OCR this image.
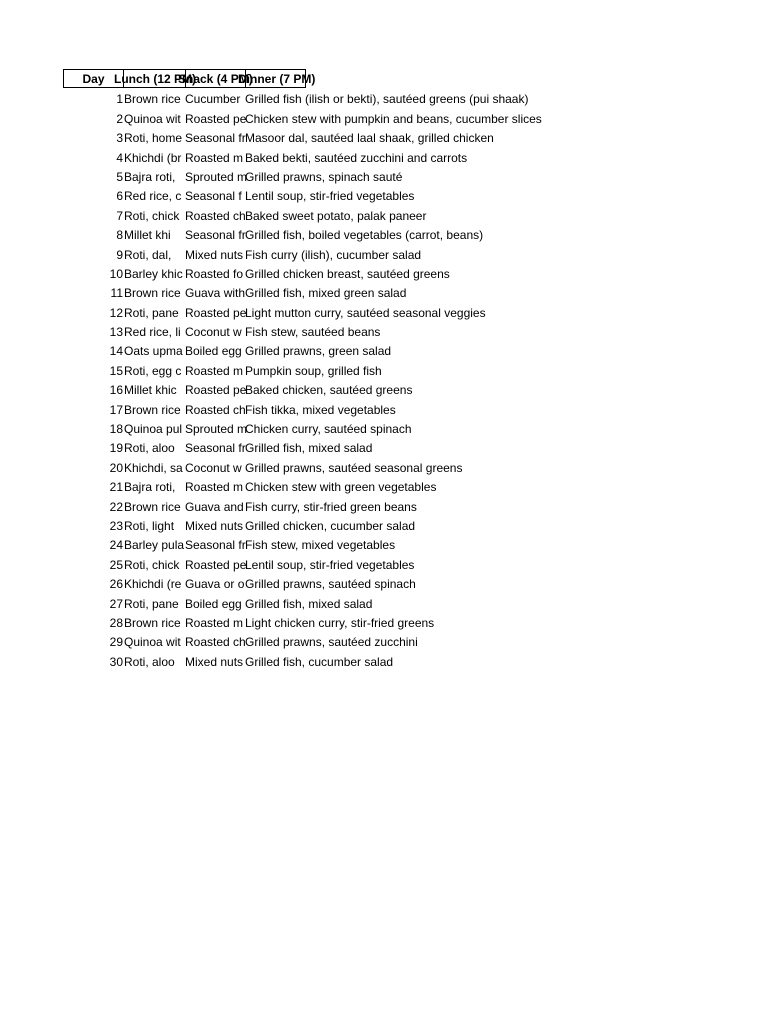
Day Lunch (12 PM)
Snack (4 PM)
Dinner (7 PM)
1 Brown rice Cucumber Grilled fish (ilish or bekti), sautéed greens (pui shaak)
2 Quinoa wit Roasted pe
Chicken stew with pumpkin and beans, cucumber slices
3 Roti, home Seasonal fr Masoor dal, sautéed laal shaak, grilled chicken
4 Khichdi (br Roasted m Baked bekti, sautéed zucchini and carrots
5 Bajra roti, Sprouted m
Grilled prawns, spinach sauté
6 Red rice, c Seasonal f Lentil soup, stir-fried vegetables
7 Roti, chick Roasted ch Baked sweet potato, palak paneer
8 Millet khi	Seasonal fr Grilled fish, boiled vegetables (carrot, beans)
9 Roti, dal,	Mixed nuts Fish curry (ilish), cucumber salad
10 Barley khic Roasted fo Grilled chicken breast, sautéed greens
11 Brown rice Guava with Grilled fish, mixed green salad
12 Roti, pane Roasted pe
Light mutton curry, sautéed seasonal veggies
13 Red rice, li Coconut w Fish stew, sautéed beans
14 Oats upma Boiled egg Grilled prawns, green salad
15 Roti, egg c Roasted m Pumpkin soup, grilled fish
16 Millet khic Roasted pe
Baked chicken, sautéed greens
17 Brown rice Roasted ch Fish tikka, mixed vegetables
18 Quinoa pul Sprouted m
Chicken curry, sautéed spinach
19 Roti, aloo Seasonal fr Grilled fish, mixed salad
20 Khichdi, sa Coconut w Grilled prawns, sautéed seasonal greens
21 Bajra roti, Roasted m Chicken stew with green vegetables
22 Brown rice Guava and Fish curry, stir-fried green beans
23 Roti, light Mixed nuts Grilled chicken, cucumber salad
24 Barley pula Seasonal fr Fish stew, mixed vegetables
25 Roti, chick Roasted pe
Lentil soup, stir-fried vegetables
26 Khichdi (re Guava or o Grilled prawns, sautéed spinach
27 Roti, pane Boiled egg Grilled fish, mixed salad
28 Brown rice Roasted m Light chicken curry, stir-fried greens
29 Quinoa wit Roasted ch Grilled prawns, sautéed zucchini
30 Roti, aloo Mixed nuts Grilled fish, cucumber salad
